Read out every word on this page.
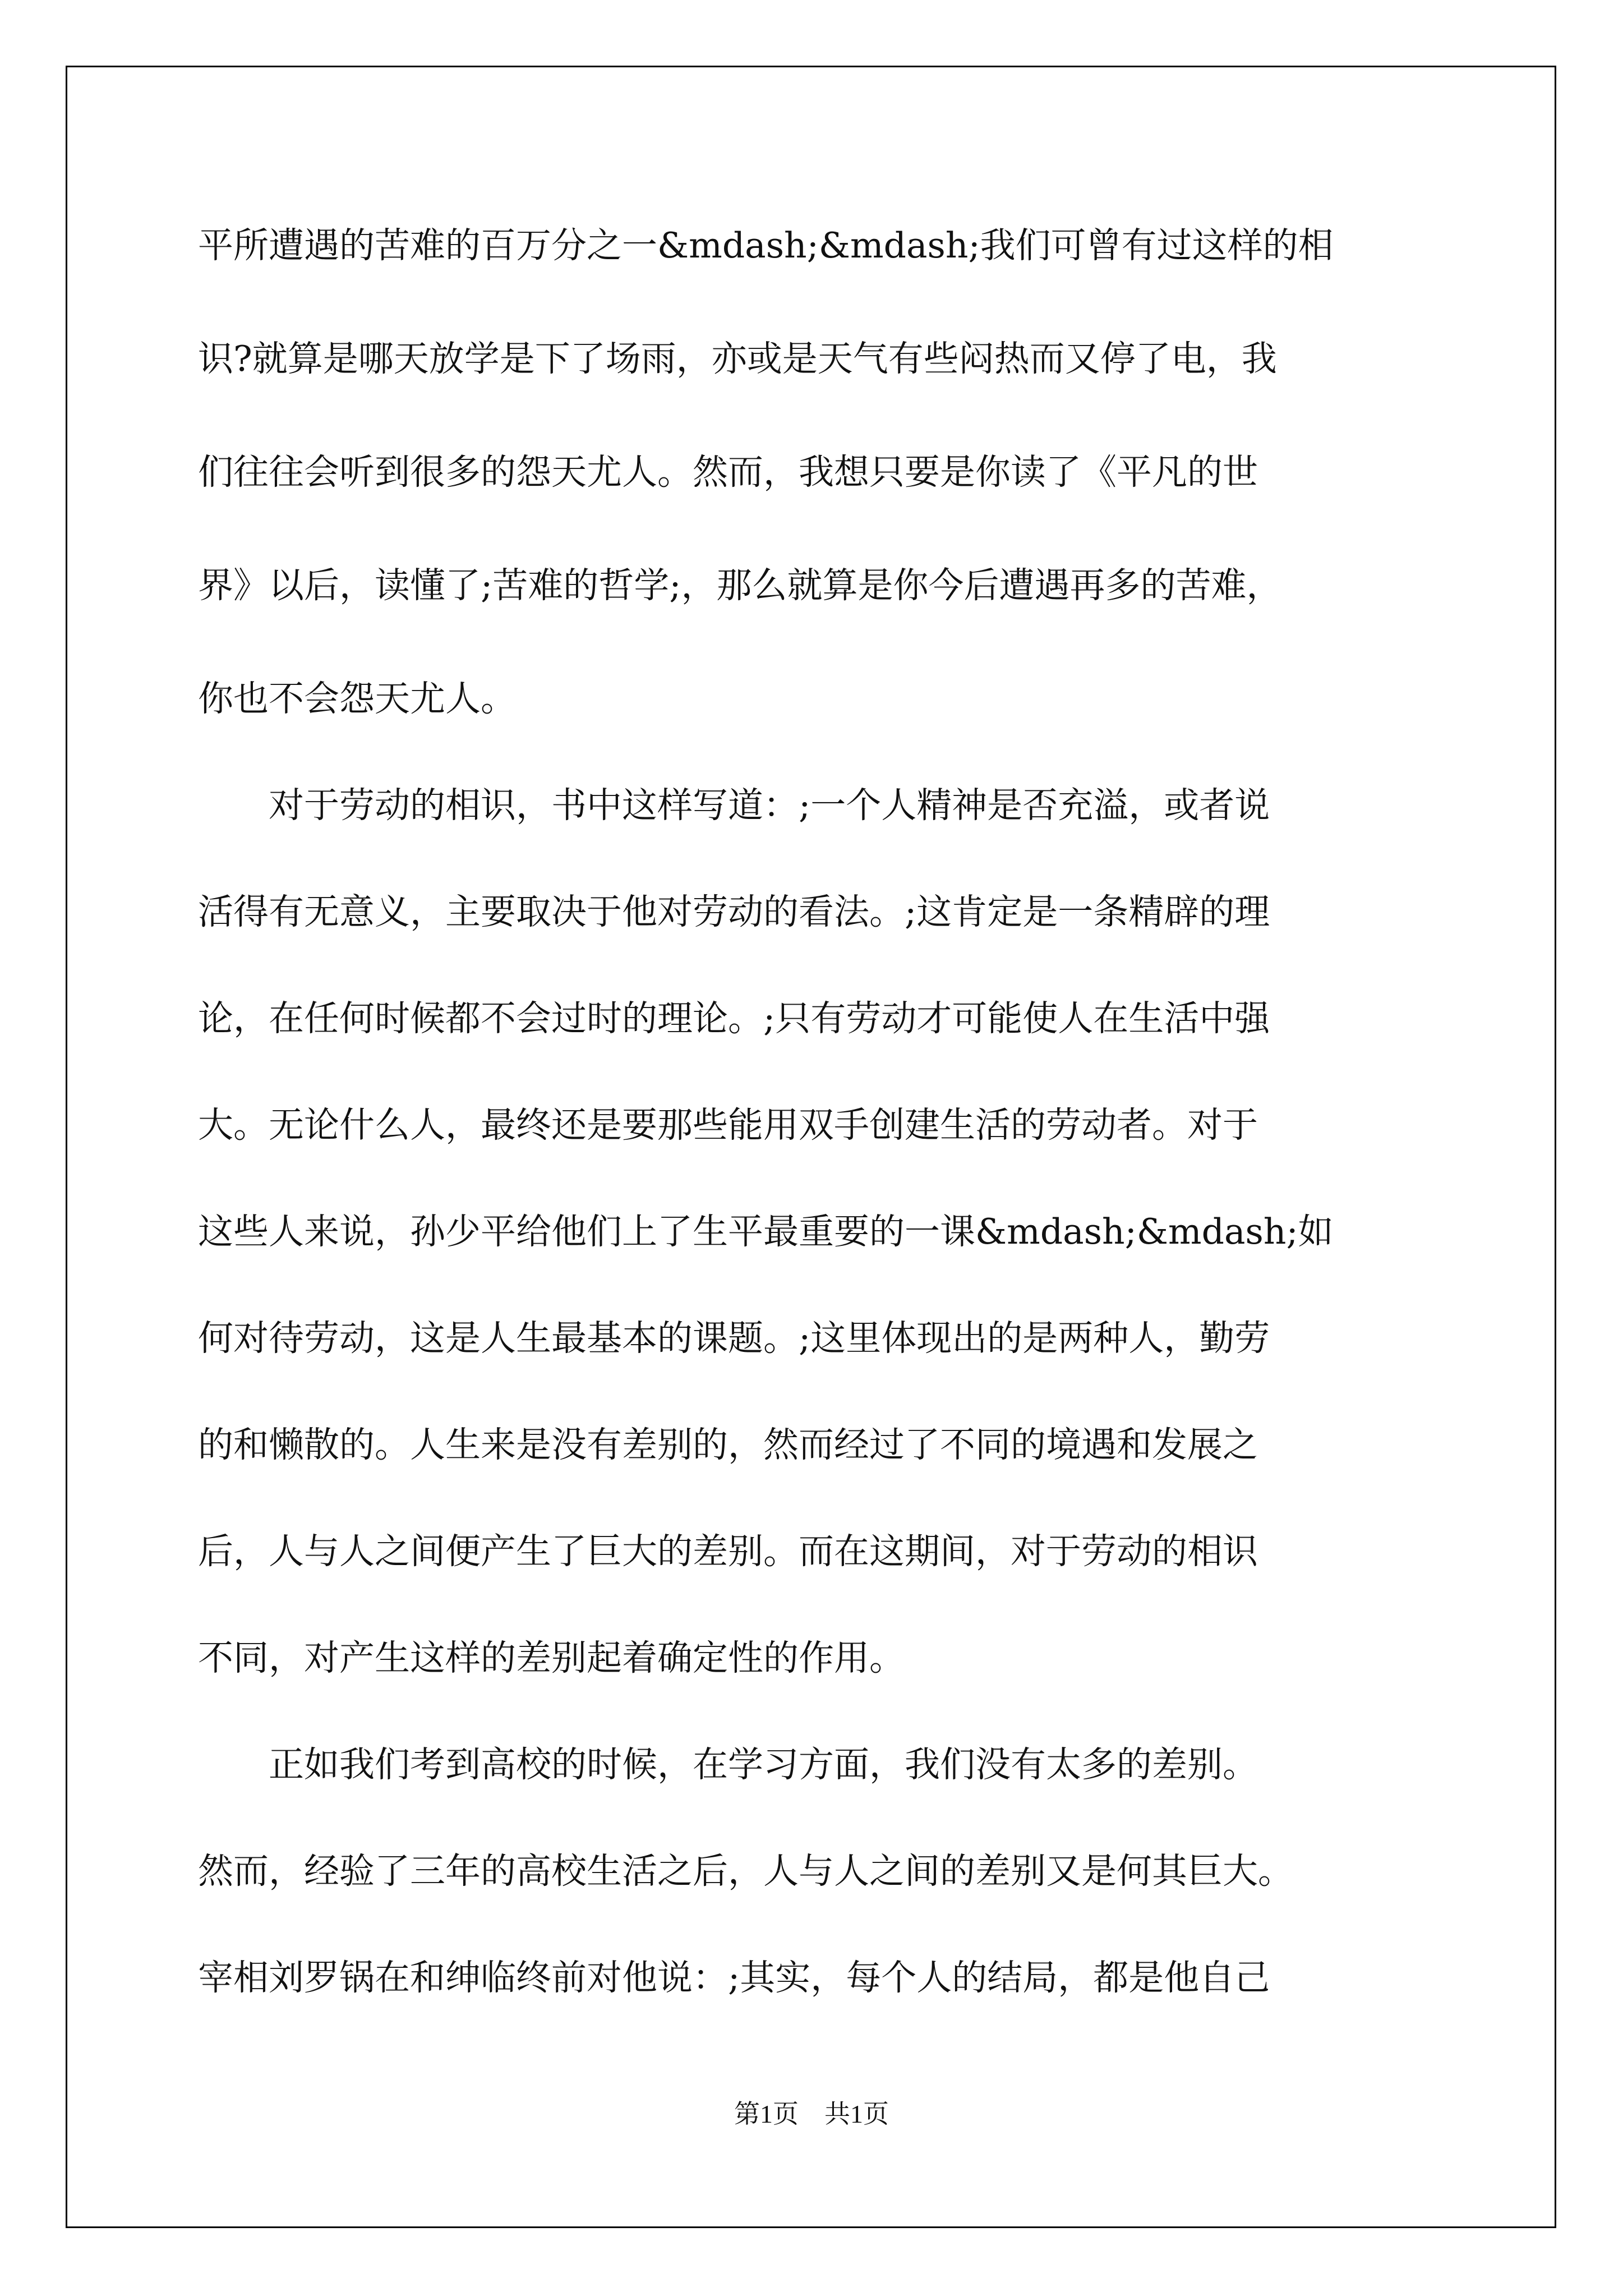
平所遭遇的苦难的百万分之一&mdash;&mdash;我们可曾有过这样的相
识?就算是哪天放学是下了场雨，亦或是天气有些闷热而又停了电，我
们往往会听到很多的怨天尤人。然而，我想只要是你读了《平凡的世
界》以后，读懂了;苦难的哲学;，那么就算是你今后遭遇再多的苦难，
你也不会怨天尤人。
　　对于劳动的相识，书中这样写道：;一个人精神是否充溢，或者说
活得有无意义，主要取决于他对劳动的看法。;这肯定是一条精辟的理
论，在任何时候都不会过时的理论。;只有劳动才可能使人在生活中强
大。无论什么人，最终还是要那些能用双手创建生活的劳动者。对于
这些人来说，孙少平给他们上了生平最重要的一课&mdash;&mdash;如
何对待劳动，这是人生最基本的课题。;这里体现出的是两种人，勤劳
的和懒散的。人生来是没有差别的，然而经过了不同的境遇和发展之
后，人与人之间便产生了巨大的差别。而在这期间，对于劳动的相识
不同，对产生这样的差别起着确定性的作用。
　　正如我们考到高校的时候，在学习方面，我们没有太多的差别。
然而，经验了三年的高校生活之后，人与人之间的差别又是何其巨大。
宰相刘罗锅在和绅临终前对他说：;其实，每个人的结局，都是他自己
第1页　共1页
